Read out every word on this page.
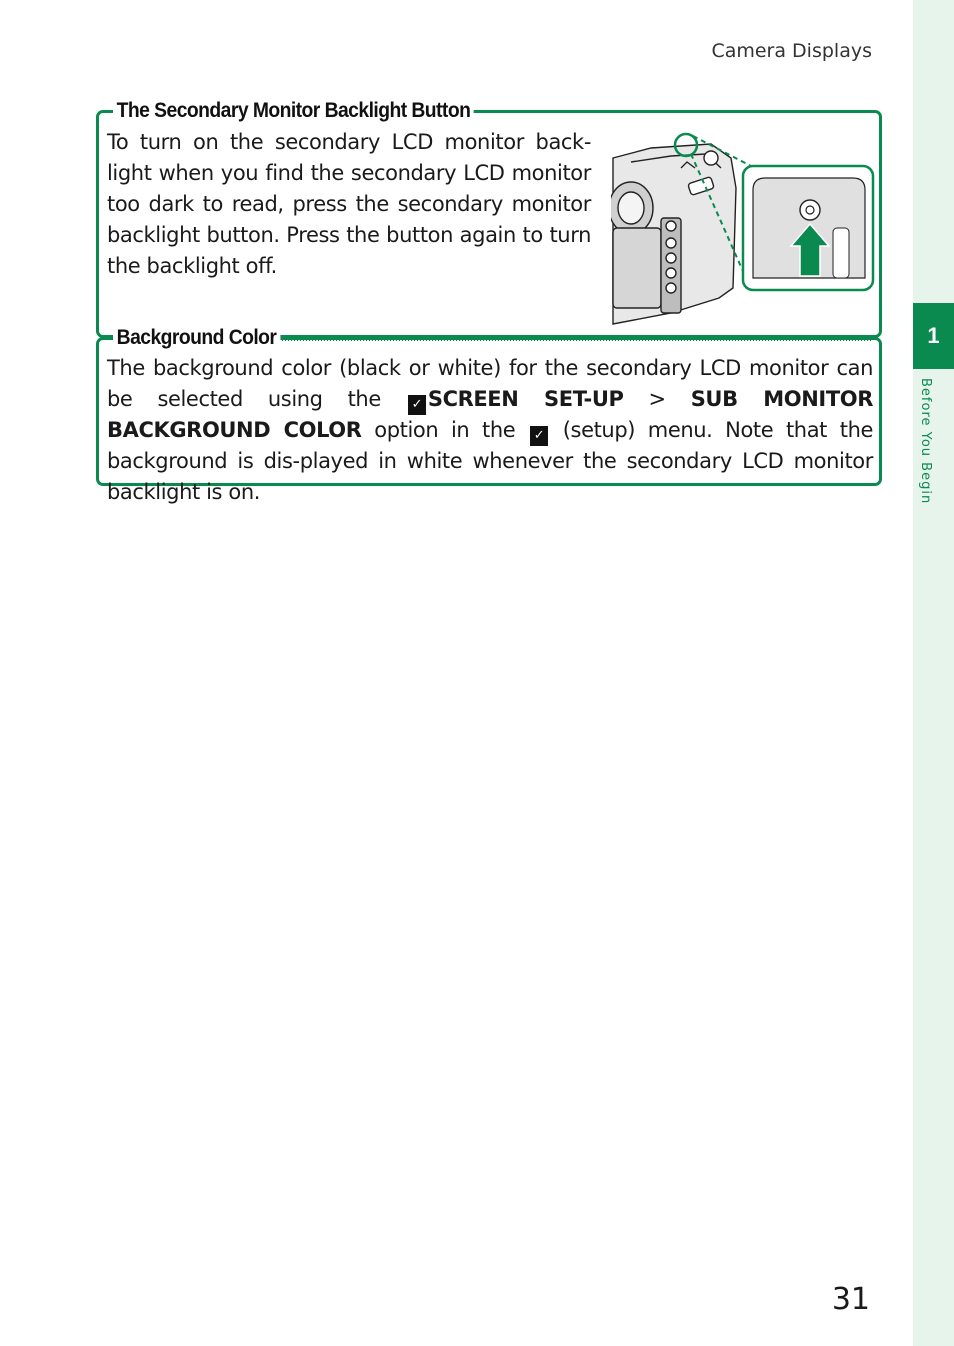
1
Before You Begin
Camera Displays
The Secondary Monitor Backlight Button
To turn on the secondary LCD monitor back-light when you find the secondary LCD monitor too dark to read, press the secondary monitor backlight button. Press the button again to turn the backlight off.
Background Color
The background color (black or white) for the secondary LCD monitor can be selected using the ✓ SCREEN SET-UP > SUB MONITOR BACKGROUND COLOR option in the ✓ (setup) menu. Note that the background is dis-played in white whenever the secondary LCD monitor backlight is on.
31
